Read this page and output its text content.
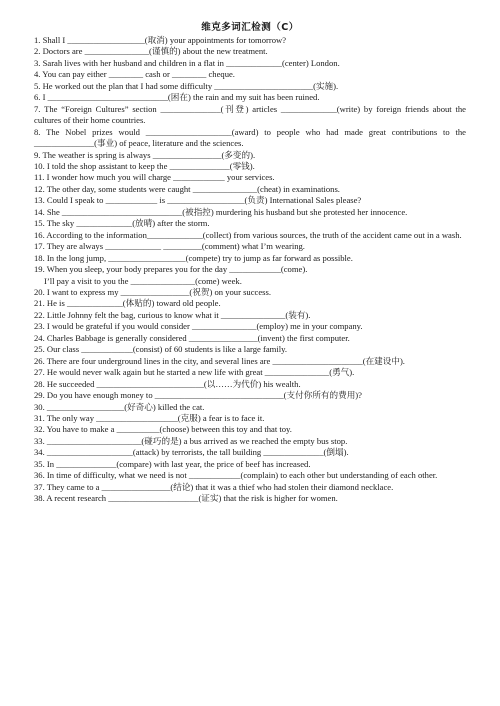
维克多词汇检测（C）
1. Shall I __________________(取消) your appointments for tomorrow?
2. Doctors are _______________(谨慎的) about the new treatment.
3. Sarah lives with her husband and children in a flat in _____________(center) London.
4. You can pay either ________ cash or ________ cheque.
5. He worked out the plan that I had some difficulty _______________________(实施).
6. I ____________________________(困在) the rain and my suit has been ruined.
7. The “Foreign Cultures” section ______________(刊登) articles _____________(write) by foreign friends about the cultures of their home countries.
8. The Nobel prizes would ____________________(award) to people who had made great contributions to the ______________(事业) of peace, literature and the sciences.
9. The weather is spring is always ________________(多变的).
10. I told the shop assistant to keep the ______________(零钱).
11. I wonder how much you will charge ____________ your services.
12. The other day, some students were caught _______________(cheat) in examinations.
13. Could I speak to ____________ is __________________(负责) International Sales please?
14. She ____________________________(被指控) murdering his husband but she protested her innocence.
15. The sky _____________(放晴) after the storm.
16. According to the information_____________(collect) from various sources, the truth of the accident came out in a wash.
17. They are always _____________ _________(comment) what I’m wearing.
18. In the long jump, __________________(compete) try to jump as far forward as possible.
19. When you sleep, your body prepares you for the day ____________(come).
I’ll pay a visit to you the _______________(come) week.
20. I want to express my ________________(祝贺) on your success.
21. He is _____________(体贴的) toward old people.
22. Little Johnny felt the bag, curious to know what it _______________(装有).
23. I would be grateful if you would consider _______________(employ) me in your company.
24. Charles Babbage is generally considered ________________(invent) the first computer.
25. Our class ____________(consist) of 60 students is like a large family.
26. There are four underground lines in the city, and several lines are _____________________(在建设中).
27. He would never walk again but he started a new life with great _______________(勇气).
28. He succeeded _________________________(以……为代价) his wealth.
29. Do you have enough money to ______________________________(支付你所有的费用)?
30. __________________(好奇心) killed the cat.
31. The only way ___________________(克服) a fear is to face it.
32. You have to make a __________(choose) between this toy and that toy.
33. ______________________(碰巧的是) a bus arrived as we reached the empty bus stop.
34. ____________________(attack) by terrorists, the tall building ______________(倒塌).
35. In ______________(compare) with last year, the price of beef has increased.
36. In time of difficulty, what we need is not ____________(complain) to each other but understanding of each other.
37. They came to a ________________(结论) that it was a thief who had stolen their diamond necklace.
38. A recent research _____________________(证实) that the risk is higher for women.
